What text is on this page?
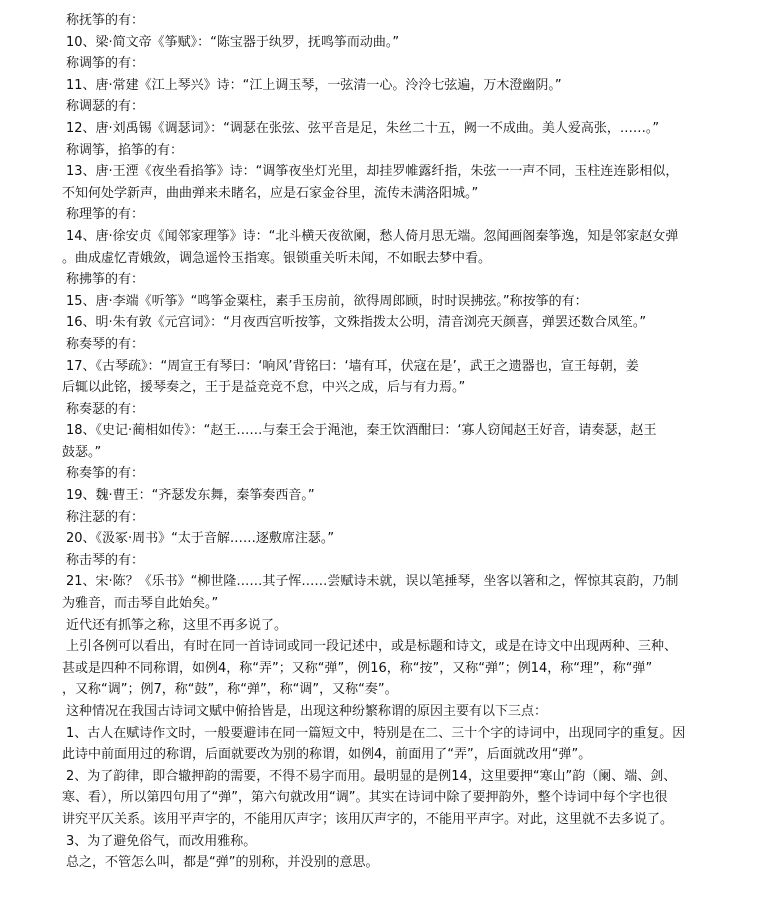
称抚筝的有：
10、梁·简文帝《筝赋》：“陈宝器于纨罗，抚鸣筝而动曲。”
称调筝的有：
11、唐·常建《江上琴兴》诗：“江上调玉琴，一弦清一心。泠泠七弦遍，万木澄幽阴。”
称调瑟的有：
12、唐·刘禹锡《调瑟词》：“调瑟在张弦、弦平音是足，朱丝二十五，阙一不成曲。美人爱高张，……。”
称调筝，掐筝的有：
13、唐·王湮《夜坐看掐筝》诗：“调筝夜坐灯光里，却挂罗帷露纤指，朱弦一一声不同，玉柱连连影相似，
不知何处学新声，曲曲弹来未睹名，应是石家金谷里，流传未满洛阳城。”
称理筝的有：
14、唐·徐安贞《闻邻家理筝》诗：“北斗横天夜欲阑，愁人倚月思无端。忽闻画阁秦筝逸，知是邻家赵女弹
。曲成虚忆青娥敛，调急遥怜玉指寒。银锁重关听未闻，不如眠去梦中看。
称拂筝的有：
15、唐·李端《听筝》“鸣筝金粟柱，素手玉房前，欲得周郎顾，时时误拂弦。”称按筝的有：
16、明·朱有敦《元宫词》：“月夜西宫听按筝，文殊指拨太公明，清音浏亮天颜喜，弹罢还数合凤笙。”
称奏琴的有：
17、《古琴疏》：“周宣王有琴曰：‘响风’背铭曰：‘墙有耳，伏寇在是’，武王之遗器也，宣王每朝，姜
后辄以此铭，援琴奏之，王于是益竞竞不怠，中兴之成，后与有力焉。”
称奏瑟的有：
18、《史记·蔺相如传》：“赵王……与秦王会于渑池，秦王饮酒酣曰：‘寡人窃闻赵王好音，请奏瑟，赵王
鼓瑟。”
称奏筝的有：
19、魏·曹王：“齐瑟发东舞，秦筝奏西音。”
称注瑟的有：
20、《汲冢·周书》“太于音解……逐敷席注瑟。”
称击琴的有：
21、宋·陈？《乐书》“柳世隆……其子恽……尝赋诗未就，误以笔捶琴，坐客以箸和之，恽惊其哀韵，乃制
为雅音，而击琴自此始矣。”
近代还有抓筝之称，这里不再多说了。
上引各例可以看出，有时在同一首诗词或同一段记述中，或是标题和诗文，或是在诗文中出现两种、三种、
甚或是四种不同称谓，如例4，称“弄”；又称“弹”，例16，称“按”，又称“弹”；例14，称“理”，称“弹”
，又称“调”；例7，称“鼓”，称“弹”，称“调”，又称“奏”。
这种情况在我国古诗词文赋中俯拾皆是，出现这种纷繁称谓的原因主要有以下三点：
1、古人在赋诗作文时，一般要避讳在同一篇短文中，特别是在二、三十个字的诗词中，出现同字的重复。因
此诗中前面用过的称谓，后面就要改为别的称谓，如例4，前面用了“弄”，后面就改用“弹”。
2、为了韵律，即合辙押韵的需要，不得不易字而用。最明显的是例14，这里要押“寒山”韵（阑、端、剑、
寒、看），所以第四句用了“弹”，第六句就改用“调”。其实在诗词中除了要押韵外，整个诗词中每个字也很
讲究平仄关系。该用平声字的，不能用仄声字；该用仄声字的，不能用平声字。对此，这里就不去多说了。
3、为了避免俗气，而改用雅称。
总之，不管怎么叫，都是“弹”的别称，并没别的意思。
